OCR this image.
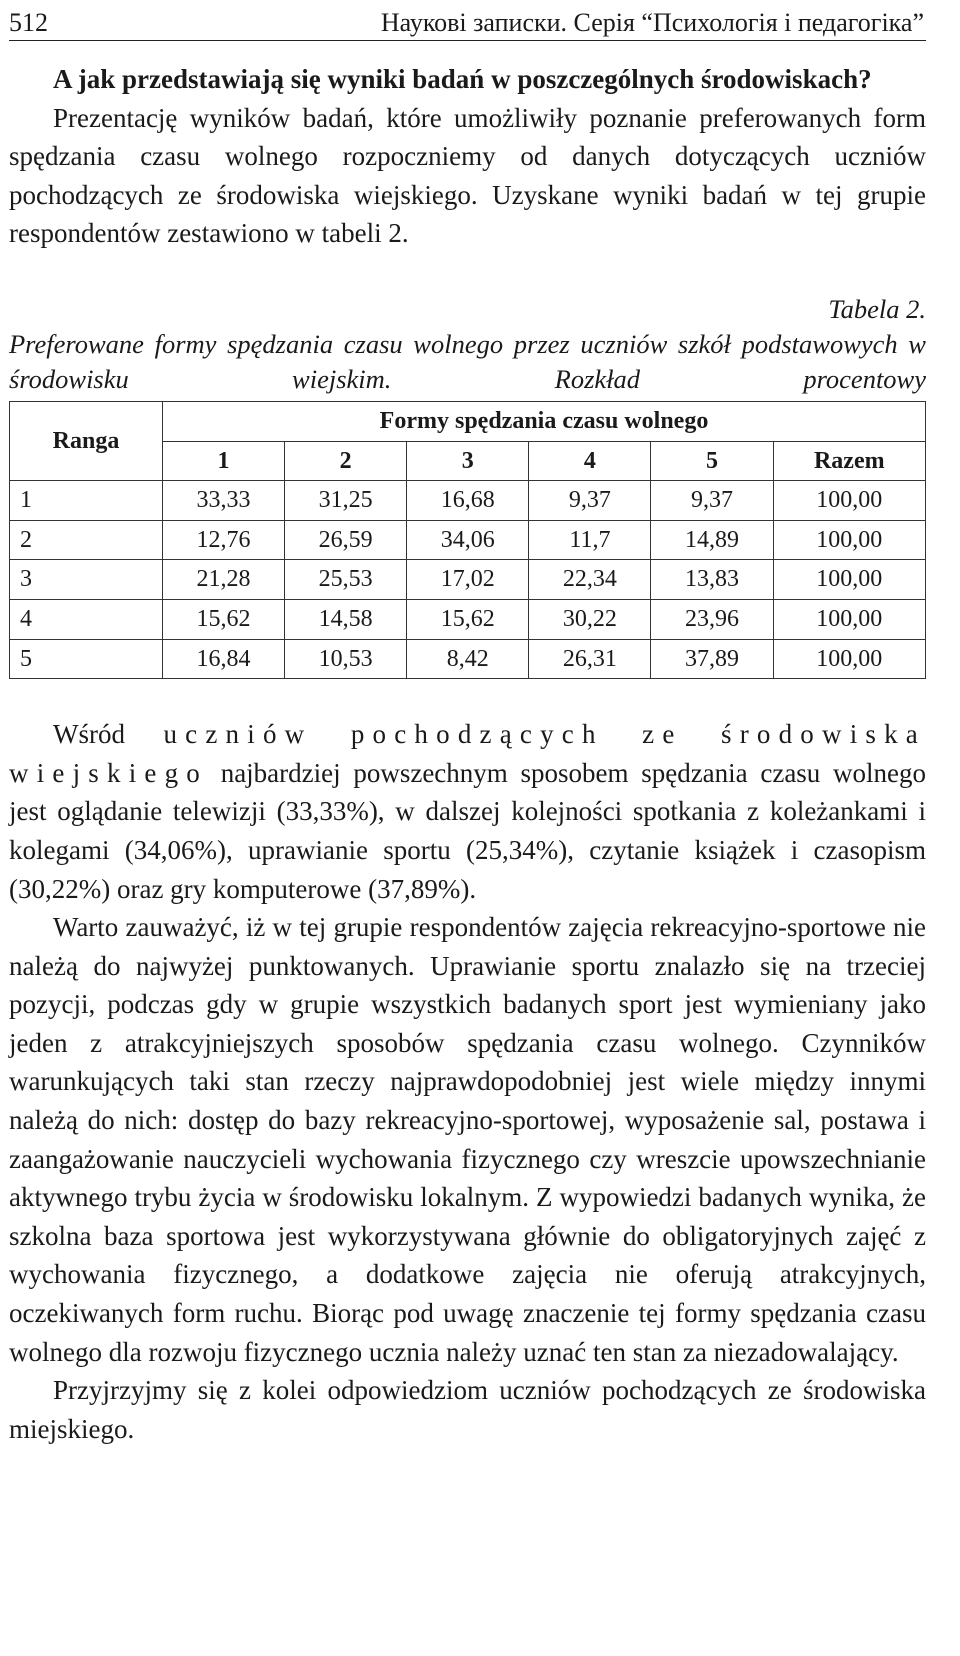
512	Наукові записки. Серія “Психологія і педагогіка”

A jak przedstawiają się wyniki badań w poszczególnych środowiskach?

Prezentację wyników badań, które umożliwiły poznanie preferowanych form spędzania czasu wolnego rozpoczniemy od danych dotyczących uczniów pochodzących ze środowiska wiejskiego. Uzyskane wyniki badań w tej grupie respondentów zestawiono w tabeli 2.

Tabela 2.
Preferowane formy spędzania czasu wolnego przez uczniów szkół podstawowych w środowisku wiejskim. Rozkład procentowy
Ranga	Formy spędzania czasu wolnego					
	1	2	3	4	5	Razem
1	33,33	31,25	16,68	9,37	9,37	100,00
2	12,76	26,59	34,06	11,7	14,89	100,00
3	21,28	25,53	17,02	22,34	13,83	100,00
4	15,62	14,58	15,62	30,22	23,96	100,00
5	16,84	10,53	8,42	26,31	37,89	100,00

Wśród uczniów pochodzących ze środowiska wiejskiego najbardziej powszechnym sposobem spędzania czasu wolnego jest oglądanie telewizji (33,33%), w dalszej kolejności spotkania z koleżankami i kolegami (34,06%), uprawianie sportu (25,34%), czytanie książek i czasopism (30,22%) oraz gry komputerowe (37,89%).

Warto zauważyć, iż w tej grupie respondentów zajęcia rekreacyjno-sportowe nie należą do najwyżej punktowanych. Uprawianie sportu znalazło się na trzeciej pozycji, podczas gdy w grupie wszystkich badanych sport jest wymieniany jako jeden z atrakcyjniejszych sposobów spędzania czasu wolnego. Czynników warunkujących taki stan rzeczy najprawdopodobniej jest wiele między innymi należą do nich: dostęp do bazy rekreacyjno-sportowej, wyposażenie sal, postawa i zaangażowanie nauczycieli wychowania fizycznego czy wreszcie upowszechnianie aktywnego trybu życia w środowisku lokalnym. Z wypowiedzi badanych wynika, że szkolna baza sportowa jest wykorzystywana głównie do obligatoryjnych zajęć z wychowania fizycznego, a dodatkowe zajęcia nie oferują atrakcyjnych, oczekiwanych form ruchu. Biorąc pod uwagę znaczenie tej formy spędzania czasu wolnego dla rozwoju fizycznego ucznia należy uznać ten stan za niezadowalający.

Przyjrzyjmy się z kolei odpowiedziom uczniów pochodzących ze środowiska miejskiego.
